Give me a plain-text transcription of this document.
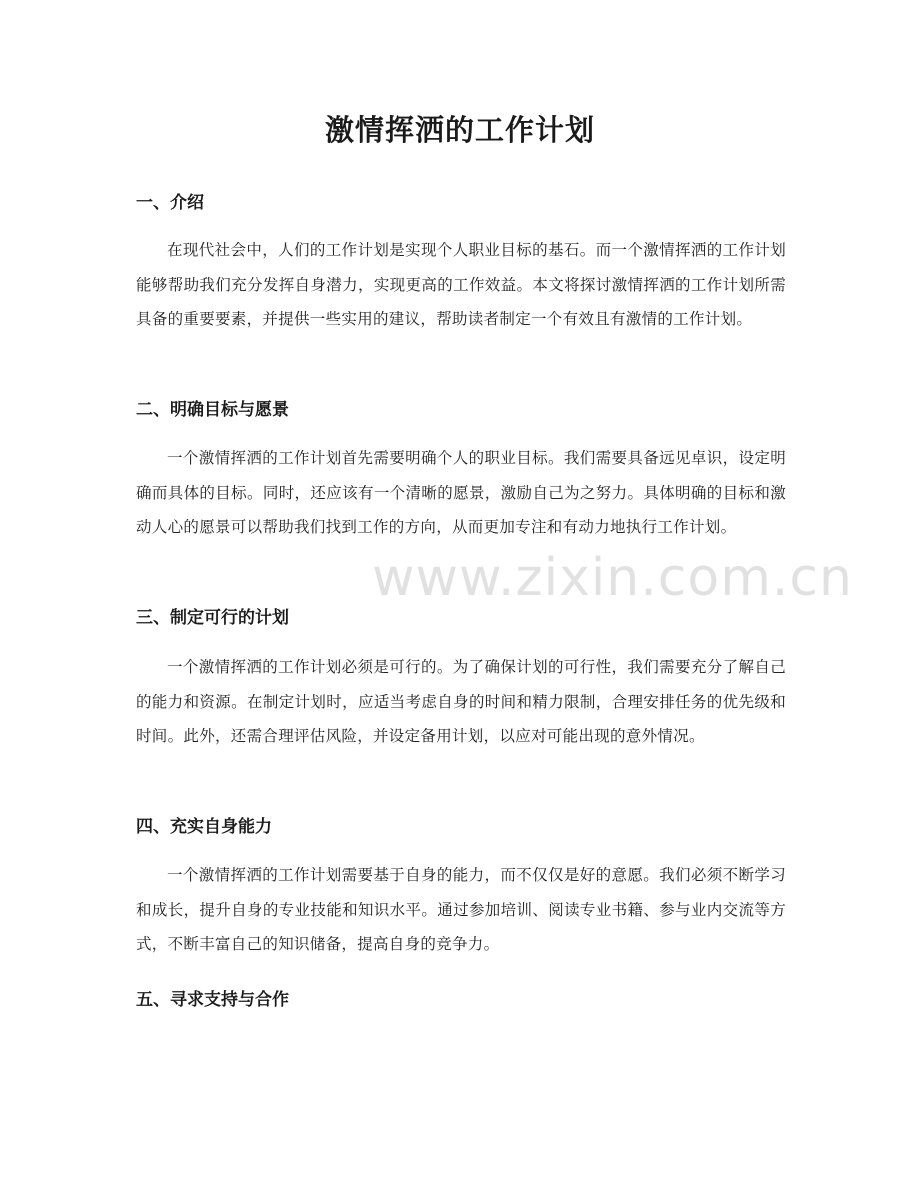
激情挥洒的工作计划
一、介绍

在现代社会中，人们的工作计划是实现个人职业目标的基石。而一个激情挥洒的工作计划能够帮助我们充分发挥自身潜力，实现更高的工作效益。本文将探讨激情挥洒的工作计划所需具备的重要要素，并提供一些实用的建议，帮助读者制定一个有效且有激情的工作计划。

二、明确目标与愿景

一个激情挥洒的工作计划首先需要明确个人的职业目标。我们需要具备远见卓识，设定明确而具体的目标。同时，还应该有一个清晰的愿景，激励自己为之努力。具体明确的目标和激动人心的愿景可以帮助我们找到工作的方向，从而更加专注和有动力地执行工作计划。

三、制定可行的计划

一个激情挥洒的工作计划必须是可行的。为了确保计划的可行性，我们需要充分了解自己的能力和资源。在制定计划时，应适当考虑自身的时间和精力限制，合理安排任务的优先级和时间。此外，还需合理评估风险，并设定备用计划，以应对可能出现的意外情况。

四、充实自身能力

一个激情挥洒的工作计划需要基于自身的能力，而不仅仅是好的意愿。我们必须不断学习和成长，提升自身的专业技能和知识水平。通过参加培训、阅读专业书籍、参与业内交流等方式，不断丰富自己的知识储备，提高自身的竞争力。

五、寻求支持与合作
www.zixin.com.cn
